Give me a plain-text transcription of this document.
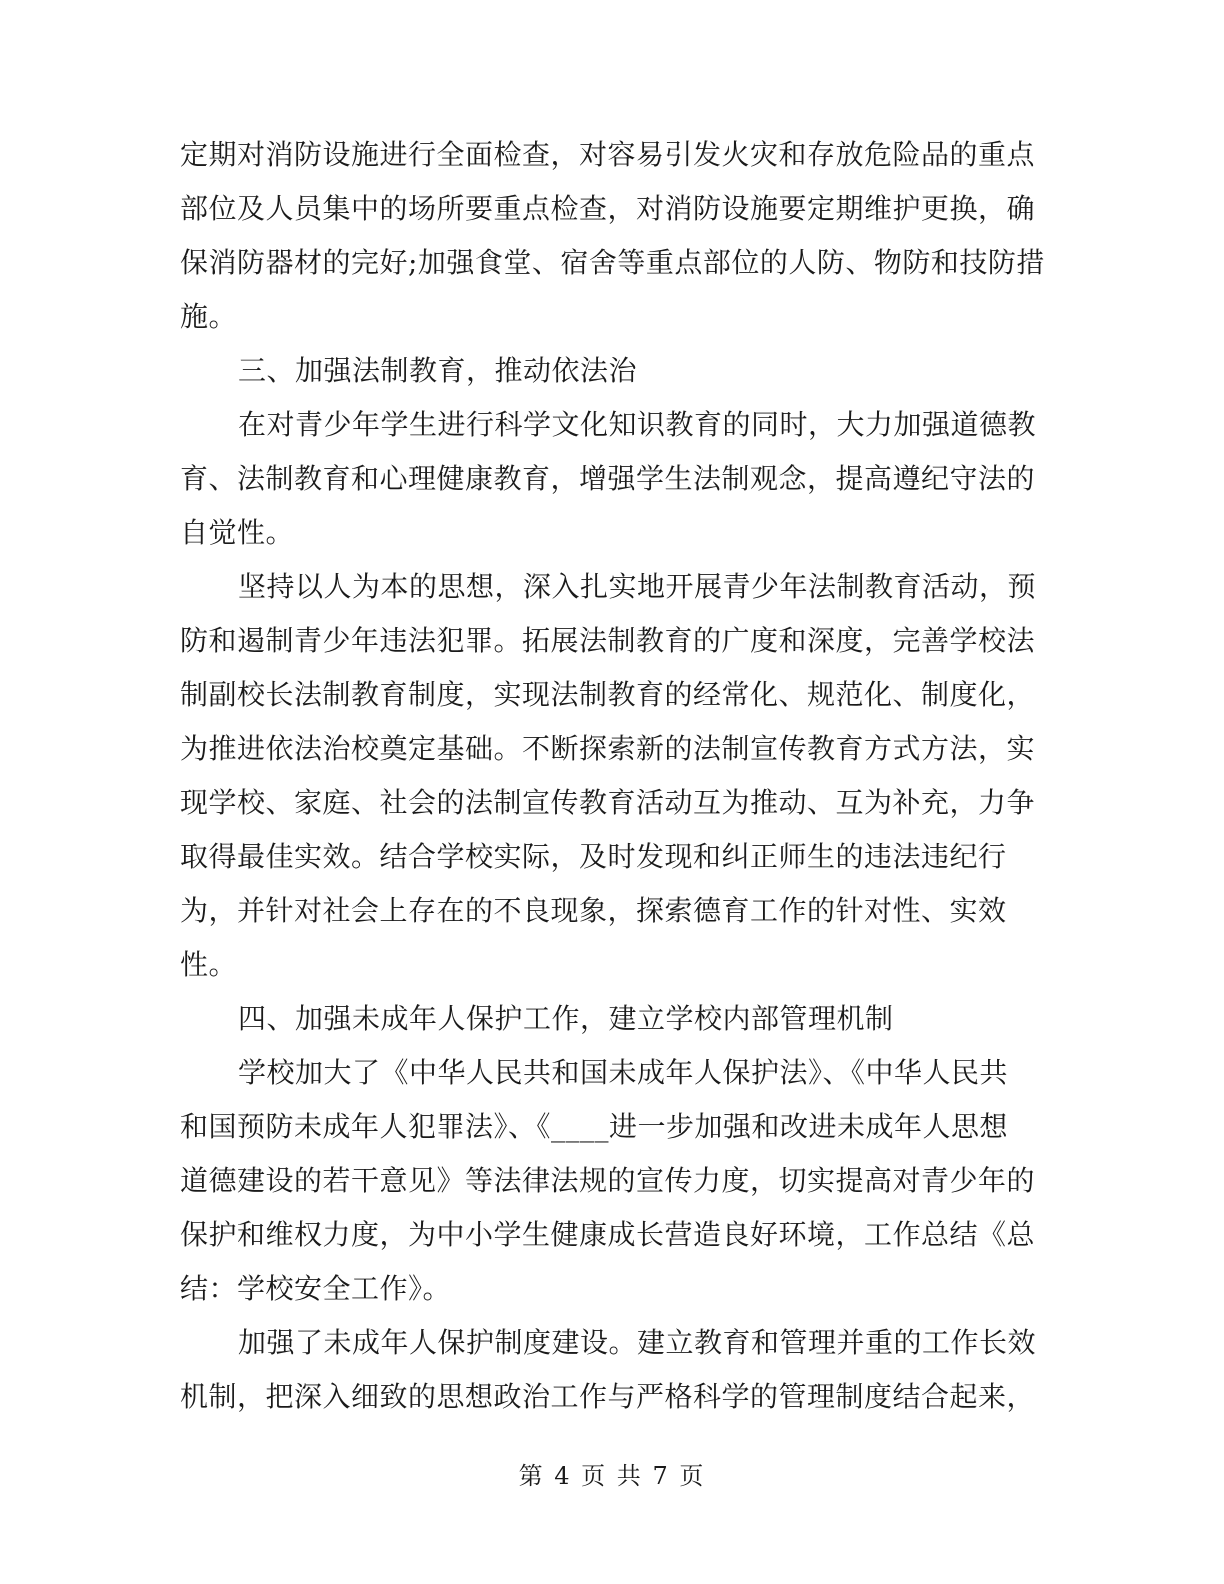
定期对消防设施进行全面检查，对容易引发火灾和存放危险品的重点
部位及人员集中的场所要重点检查，对消防设施要定期维护更换，确
保消防器材的完好;加强食堂、宿舍等重点部位的人防、物防和技防措
施。
三、加强法制教育，推动依法治
在对青少年学生进行科学文化知识教育的同时，大力加强道德教
育、法制教育和心理健康教育，增强学生法制观念，提高遵纪守法的
自觉性。
坚持以人为本的思想，深入扎实地开展青少年法制教育活动，预
防和遏制青少年违法犯罪。拓展法制教育的广度和深度，完善学校法
制副校长法制教育制度，实现法制教育的经常化、规范化、制度化，
为推进依法治校奠定基础。不断探索新的法制宣传教育方式方法，实
现学校、家庭、社会的法制宣传教育活动互为推动、互为补充，力争
取得最佳实效。结合学校实际，及时发现和纠正师生的违法违纪行
为，并针对社会上存在的不良现象，探索德育工作的针对性、实效
性。
四、加强未成年人保护工作，建立学校内部管理机制
学校加大了《中华人民共和国未成年人保护法》、《中华人民共
和国预防未成年人犯罪法》、《____进一步加强和改进未成年人思想
道德建设的若干意见》等法律法规的宣传力度，切实提高对青少年的
保护和维权力度，为中小学生健康成长营造良好环境，工作总结《总
结：学校安全工作》。
加强了未成年人保护制度建设。建立教育和管理并重的工作长效
机制，把深入细致的思想政治工作与严格科学的管理制度结合起来，
第 4 页 共 7 页
